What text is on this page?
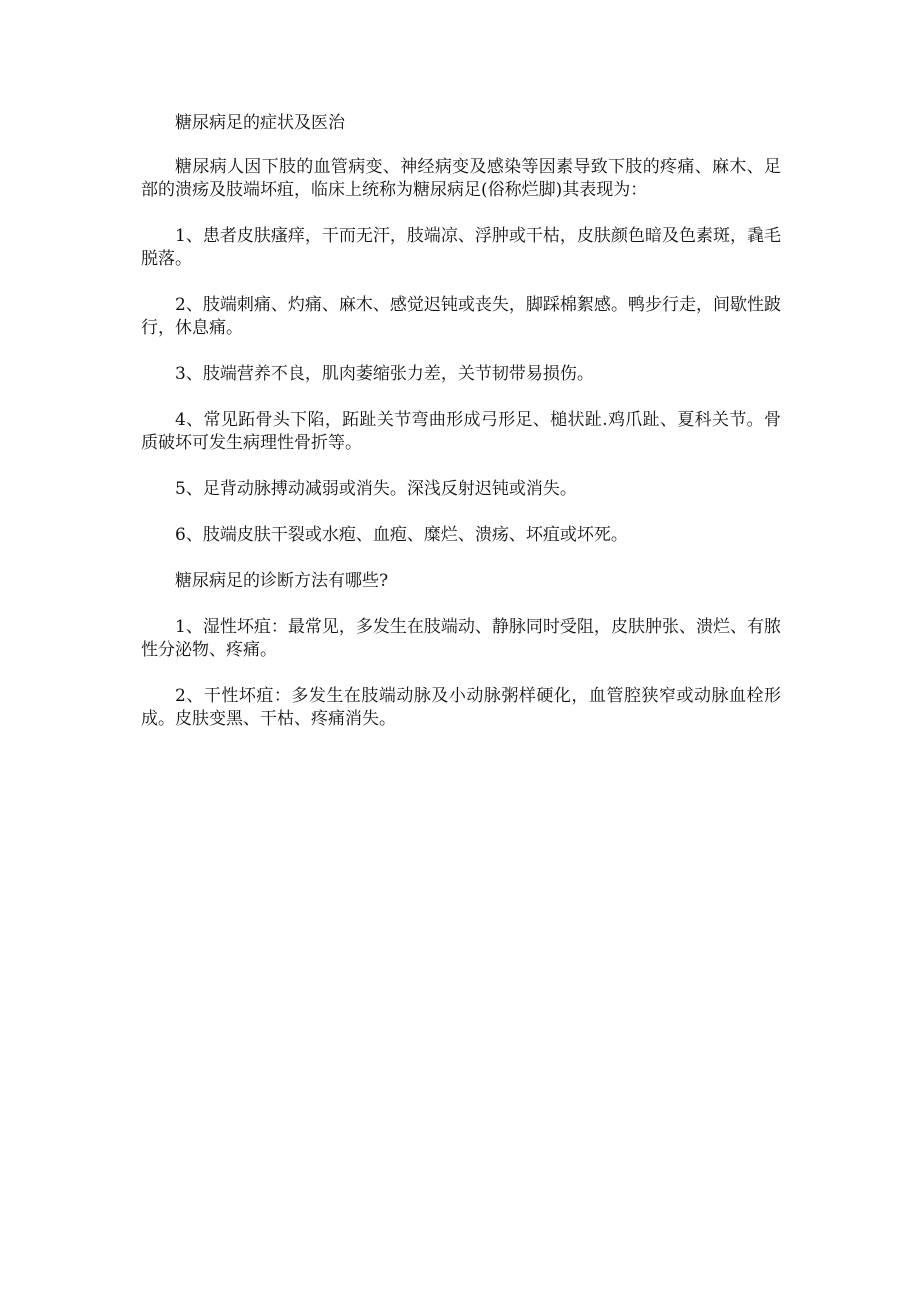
糖尿病足的症状及医治

糖尿病人因下肢的血管病变、神经病变及感染等因素导致下肢的疼痛、麻木、足部的溃疡及肢端坏疽，临床上统称为糖尿病足(俗称烂脚)其表现为：

1、患者皮肤瘙痒，干而无汗，肢端凉、浮肿或干枯，皮肤颜色暗及色素斑，毳毛脱落。

2、肢端刺痛、灼痛、麻木、感觉迟钝或丧失，脚踩棉絮感。鸭步行走，间歇性跛行，休息痛。

3、肢端营养不良，肌肉萎缩张力差，关节韧带易损伤。

4、常见跖骨头下陷，跖趾关节弯曲形成弓形足、槌状趾.鸡爪趾、夏科关节。骨质破坏可发生病理性骨折等。

5、足背动脉搏动减弱或消失。深浅反射迟钝或消失。

6、肢端皮肤干裂或水疱、血疱、糜烂、溃疡、坏疽或坏死。

糖尿病足的诊断方法有哪些?

1、湿性坏疽：最常见，多发生在肢端动、静脉同时受阻，皮肤肿张、溃烂、有脓性分泌物、疼痛。

2、干性坏疽：多发生在肢端动脉及小动脉粥样硬化，血管腔狭窄或动脉血栓形成。皮肤变黑、干枯、疼痛消失。
